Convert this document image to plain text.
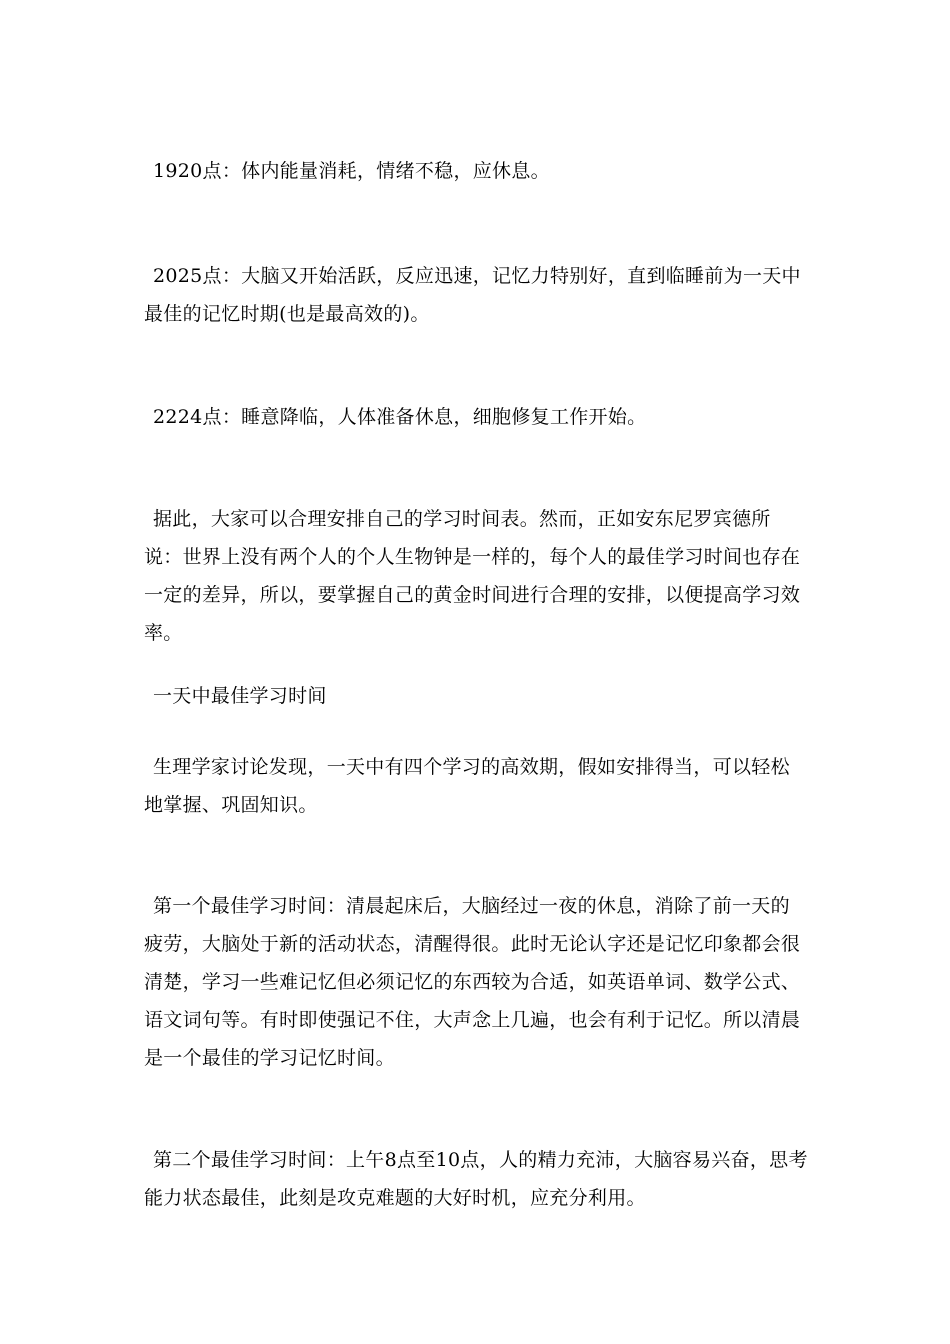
1920点：体内能量消耗，情绪不稳，应休息。

2025点：大脑又开始活跃，反应迅速，记忆力特别好，直到临睡前为一天中最佳的记忆时期(也是最高效的)。

2224点：睡意降临，人体准备休息，细胞修复工作开始。

据此，大家可以合理安排自己的学习时间表。然而，正如安东尼罗宾德所说：世界上没有两个人的个人生物钟是一样的，每个人的最佳学习时间也存在一定的差异，所以，要掌握自己的黄金时间进行合理的安排，以便提高学习效率。

一天中最佳学习时间

生理学家讨论发现，一天中有四个学习的高效期，假如安排得当，可以轻松地掌握、巩固知识。

第一个最佳学习时间：清晨起床后，大脑经过一夜的休息，消除了前一天的疲劳，大脑处于新的活动状态，清醒得很。此时无论认字还是记忆印象都会很清楚，学习一些难记忆但必须记忆的东西较为合适，如英语单词、数学公式、语文词句等。有时即使强记不住，大声念上几遍，也会有利于记忆。所以清晨是一个最佳的学习记忆时间。

第二个最佳学习时间：上午8点至10点，人的精力充沛，大脑容易兴奋，思考能力状态最佳，此刻是攻克难题的大好时机，应充分利用。
